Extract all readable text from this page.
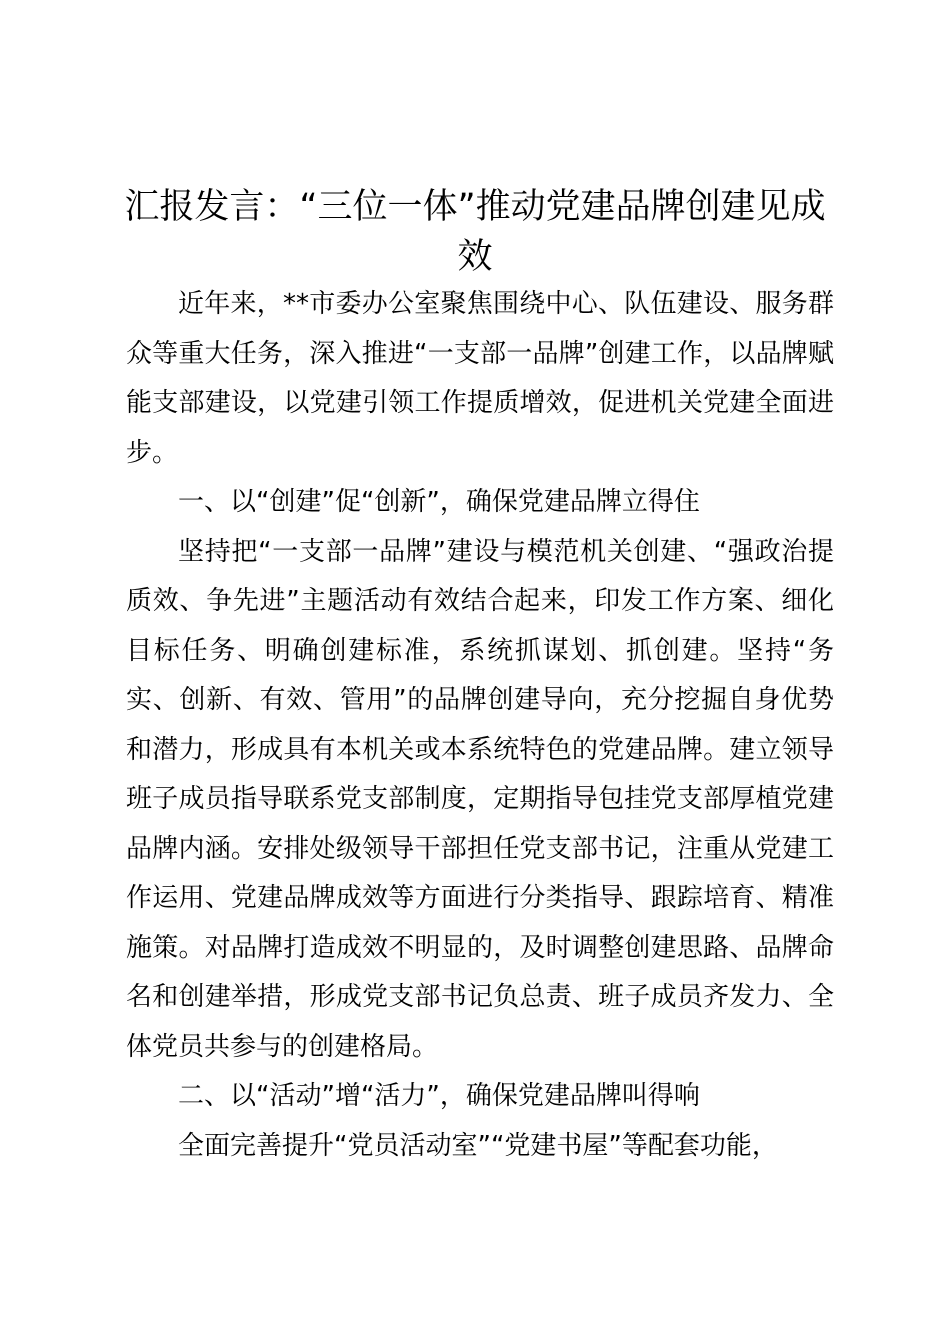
汇报发言：“三位一体”推动党建品牌创建见成效

近年来，**市委办公室聚焦围绕中心、队伍建设、服务群众等重大任务，深入推进“一支部一品牌”创建工作，以品牌赋能支部建设，以党建引领工作提质增效，促进机关党建全面进步。

一、以“创建”促“创新”，确保党建品牌立得住

坚持把“一支部一品牌”建设与模范机关创建、“强政治提质效、争先进”主题活动有效结合起来，印发工作方案、细化目标任务、明确创建标准，系统抓谋划、抓创建。坚持“务实、创新、有效、管用”的品牌创建导向，充分挖掘自身优势和潜力，形成具有本机关或本系统特色的党建品牌。建立领导班子成员指导联系党支部制度，定期指导包挂党支部厚植党建品牌内涵。安排处级领导干部担任党支部书记，注重从党建工作运用、党建品牌成效等方面进行分类指导、跟踪培育、精准施策。对品牌打造成效不明显的，及时调整创建思路、品牌命名和创建举措，形成党支部书记负总责、班子成员齐发力、全体党员共参与的创建格局。

二、以“活动”增“活力”，确保党建品牌叫得响

全面完善提升“党员活动室”“党建书屋”等配套功能，
